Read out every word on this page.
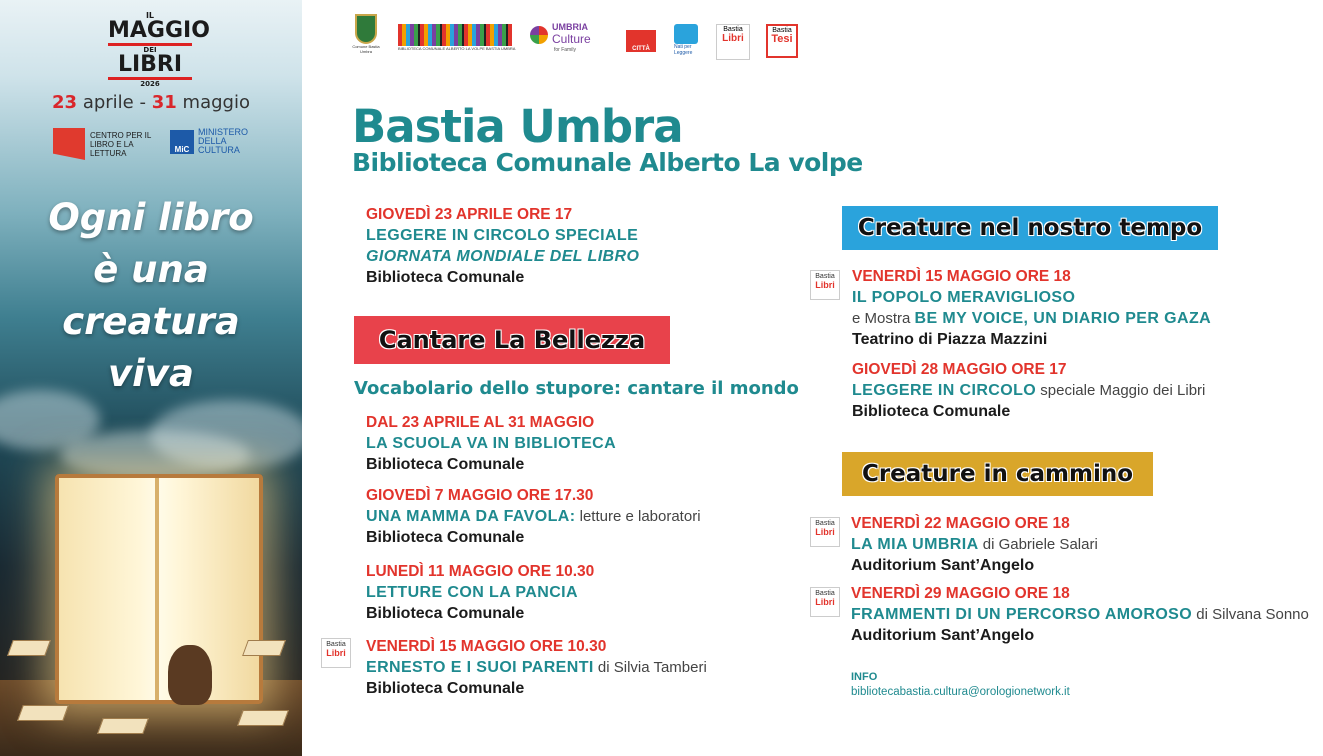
IL
MAGGIO
DEI
LIBRI
2026
23 aprile - 31 maggio
CENTRO PER IL LIBRO E LA LETTURA	MiC
MINISTERO DELLA CULTURA
Ogni libro
è una
creatura
viva
Comune Bastia Umbra
BIBLIOTECA COMUNALE ALBERTO LA VOLPE BASTIA UMBRA
UMBRIA
Culture
for Family	CITTÀ	Nati per Leggere
Bastia
Libri
Bastia
Tesi
Bastia Umbra
Biblioteca Comunale Alberto La volpe
GIOVEDÌ 23 APRILE ORE 17
LEGGERE IN CIRCOLO SPECIALE
GIORNATA MONDIALE DEL LIBRO
Biblioteca Comunale
Cantare La Bellezza
Vocabolario dello stupore: cantare il mondo
DAL 23 APRILE AL 31 MAGGIO
LA SCUOLA VA IN BIBLIOTECA
Biblioteca Comunale
GIOVEDÌ 7 MAGGIO ORE 17.30
UNA MAMMA DA FAVOLA: letture e laboratori
Biblioteca Comunale
LUNEDÌ 11 MAGGIO ORE 10.30
LETTURE CON LA PANCIA
Biblioteca Comunale
Bastia
Libri	VENERDÌ 15 MAGGIO ORE 10.30
ERNESTO E I SUOI PARENTI di Silvia Tamberi
Biblioteca Comunale
Creature nel nostro tempo
Bastia
Libri	VENERDÌ 15 MAGGIO ORE 18
IL POPOLO MERAVIGLIOSO
e Mostra BE MY VOICE, UN DIARIO PER GAZA
Teatrino di Piazza Mazzini
GIOVEDÌ 28 MAGGIO ORE 17
LEGGERE IN CIRCOLO speciale Maggio dei Libri
Biblioteca Comunale
Creature in cammino
Bastia
Libri	VENERDÌ 22 MAGGIO ORE 18
LA MIA UMBRIA di Gabriele Salari
Auditorium Sant’Angelo
Bastia
Libri	VENERDÌ 29 MAGGIO ORE 18
FRAMMENTI DI UN PERCORSO AMOROSO di Silvana Sonno
Auditorium Sant’Angelo
INFO
bibliotecabastia.cultura@orologionetwork.it
